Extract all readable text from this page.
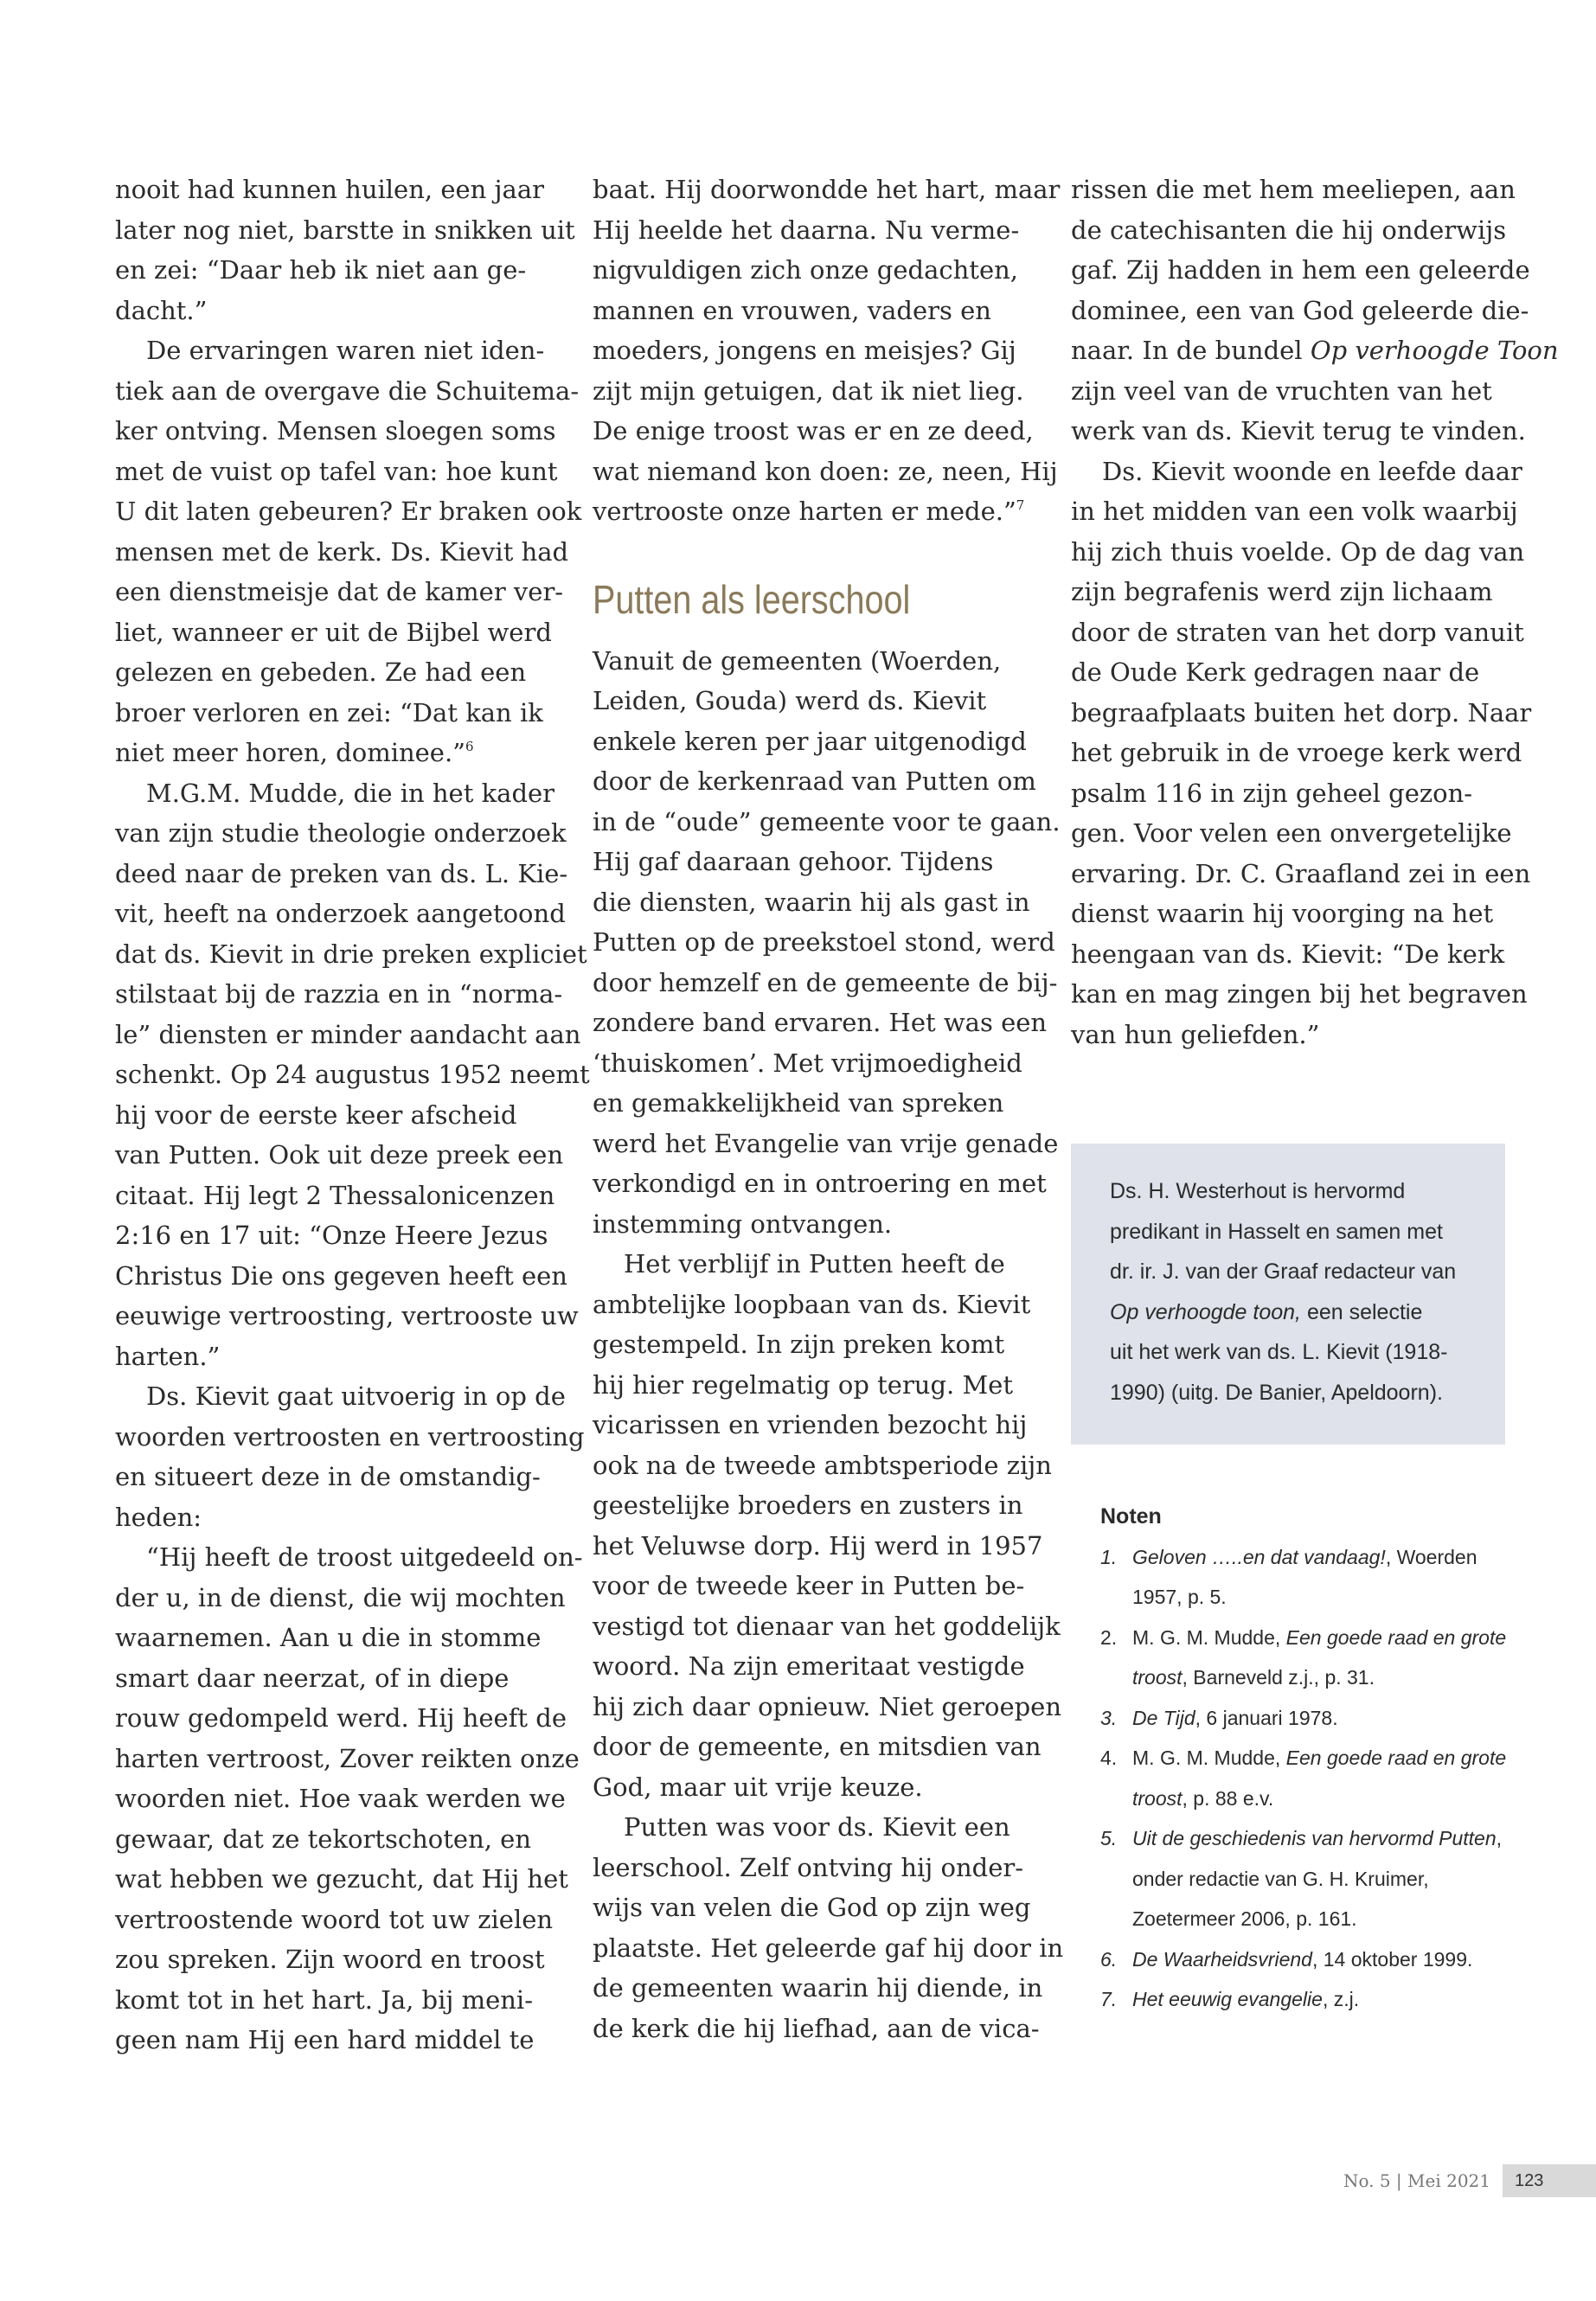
nooit had kunnen huilen, een jaar

later nog niet, barstte in snikken uit

en zei: “Daar heb ik niet aan ge-

dacht.”

De ervaringen waren niet iden-

tiek aan de overgave die Schuitema-

ker ontving. Mensen sloegen soms

met de vuist op tafel van: hoe kunt

U dit laten gebeuren? Er braken ook

mensen met de kerk. Ds. Kievit had

een dienstmeisje dat de kamer ver-

liet, wanneer er uit de Bijbel werd

gelezen en gebeden. Ze had een

broer verloren en zei: “Dat kan ik

niet meer horen, dominee.”$^6$

M.G.M. Mudde, die in het kader

van zijn studie theologie onderzoek

deed naar de preken van ds. L. Kie-

vit, heeft na onderzoek aangetoond

dat ds. Kievit in drie preken expliciet

stilstaat bij de razzia en in “norma-

le” diensten er minder aandacht aan

schenkt. Op 24 augustus 1952 neemt

hij voor de eerste keer afscheid

van Putten. Ook uit deze preek een

citaat. Hij legt 2 Thessalonicenzen

2:16 en 17 uit: “Onze Heere Jezus

Christus Die ons gegeven heeft een

eeuwige vertroosting, vertrooste uw

harten.”

Ds. Kievit gaat uitvoerig in op de

woorden vertroosten en vertroosting

en situeert deze in de omstandig-

heden:

“Hij heeft de troost uitgedeeld on-

der u, in de dienst, die wij mochten

waarnemen. Aan u die in stomme

smart daar neerzat, of in diepe

rouw gedompeld werd. Hij heeft de

harten vertroost, Zover reikten onze

woorden niet. Hoe vaak werden we

gewaar, dat ze tekortschoten, en

wat hebben we gezucht, dat Hij het

vertroostende woord tot uw zielen

zou spreken. Zijn woord en troost

komt tot in het hart. Ja, bij meni-

geen nam Hij een hard middel te

baat. Hij doorwondde het hart, maar

Hij heelde het daarna. Nu verme-

nigvuldigen zich onze gedachten,

mannen en vrouwen, vaders en

moeders, jongens en meisjes? Gij

zijt mijn getuigen, dat ik niet lieg.

De enige troost was er en ze deed,

wat niemand kon doen: ze, neen, Hij

vertrooste onze harten er mede.”$^7$

Putten als leerschool

Vanuit de gemeenten (Woerden,

Leiden, Gouda) werd ds. Kievit

enkele keren per jaar uitgenodigd

door de kerkenraad van Putten om

in de “oude” gemeente voor te gaan.

Hij gaf daaraan gehoor. Tijdens

die diensten, waarin hij als gast in

Putten op de preekstoel stond, werd

door hemzelf en de gemeente de bij-

zondere band ervaren. Het was een

‘thuiskomen’. Met vrijmoedigheid

en gemakkelijkheid van spreken

werd het Evangelie van vrije genade

verkondigd en in ontroering en met

instemming ontvangen.

Het verblijf in Putten heeft de

ambtelijke loopbaan van ds. Kievit

gestempeld. In zijn preken komt

hij hier regelmatig op terug. Met

vicarissen en vrienden bezocht hij

ook na de tweede ambtsperiode zijn

geestelijke broeders en zusters in

het Veluwse dorp. Hij werd in 1957

voor de tweede keer in Putten be-

vestigd tot dienaar van het goddelijk

woord. Na zijn emeritaat vestigde

hij zich daar opnieuw. Niet geroepen

door de gemeente, en mitsdien van

God, maar uit vrije keuze.

Putten was voor ds. Kievit een

leerschool. Zelf ontving hij onder-

wijs van velen die God op zijn weg

plaatste. Het geleerde gaf hij door in

de gemeenten waarin hij diende, in

de kerk die hij liefhad, aan de vica-

rissen die met hem meeliepen, aan

de catechisanten die hij onderwijs

gaf. Zij hadden in hem een geleerde

dominee, een van God geleerde die-

naar. In de bundel Op verhoogde Toon

zijn veel van de vruchten van het

werk van ds. Kievit terug te vinden.

Ds. Kievit woonde en leefde daar

in het midden van een volk waarbij

hij zich thuis voelde. Op de dag van

zijn begrafenis werd zijn lichaam

door de straten van het dorp vanuit

de Oude Kerk gedragen naar de

begraafplaats buiten het dorp. Naar

het gebruik in de vroege kerk werd

psalm 116 in zijn geheel gezon-

gen. Voor velen een onvergetelijke

ervaring. Dr. C. Graafland zei in een

dienst waarin hij voorging na het

heengaan van ds. Kievit: “De kerk

kan en mag zingen bij het begraven

van hun geliefden.”

Ds. H. Westerhout is hervormd

predikant in Hasselt en samen met

dr. ir. J. van der Graaf redacteur van

Op verhoogde toon, een selectie

uit het werk van ds. L. Kievit (1918-

1990) (uitg. De Banier, Apeldoorn).

Noten

1. Geloven …..en dat vandaag!, Woerden

1957, p. 5.

2. M. G. M. Mudde, Een goede raad en grote

troost, Barneveld z.j., p. 31.

3. De Tijd, 6 januari 1978.

4. M. G. M. Mudde, Een goede raad en grote

troost, p. 88 e.v.

5. Uit de geschiedenis van hervormd Putten,

onder redactie van G. H. Kruimer,

Zoetermeer 2006, p. 161.

6. De Waarheidsvriend, 14 oktober 1999.

7. Het eeuwig evangelie, z.j.

No. 5 | Mei 2021	123
